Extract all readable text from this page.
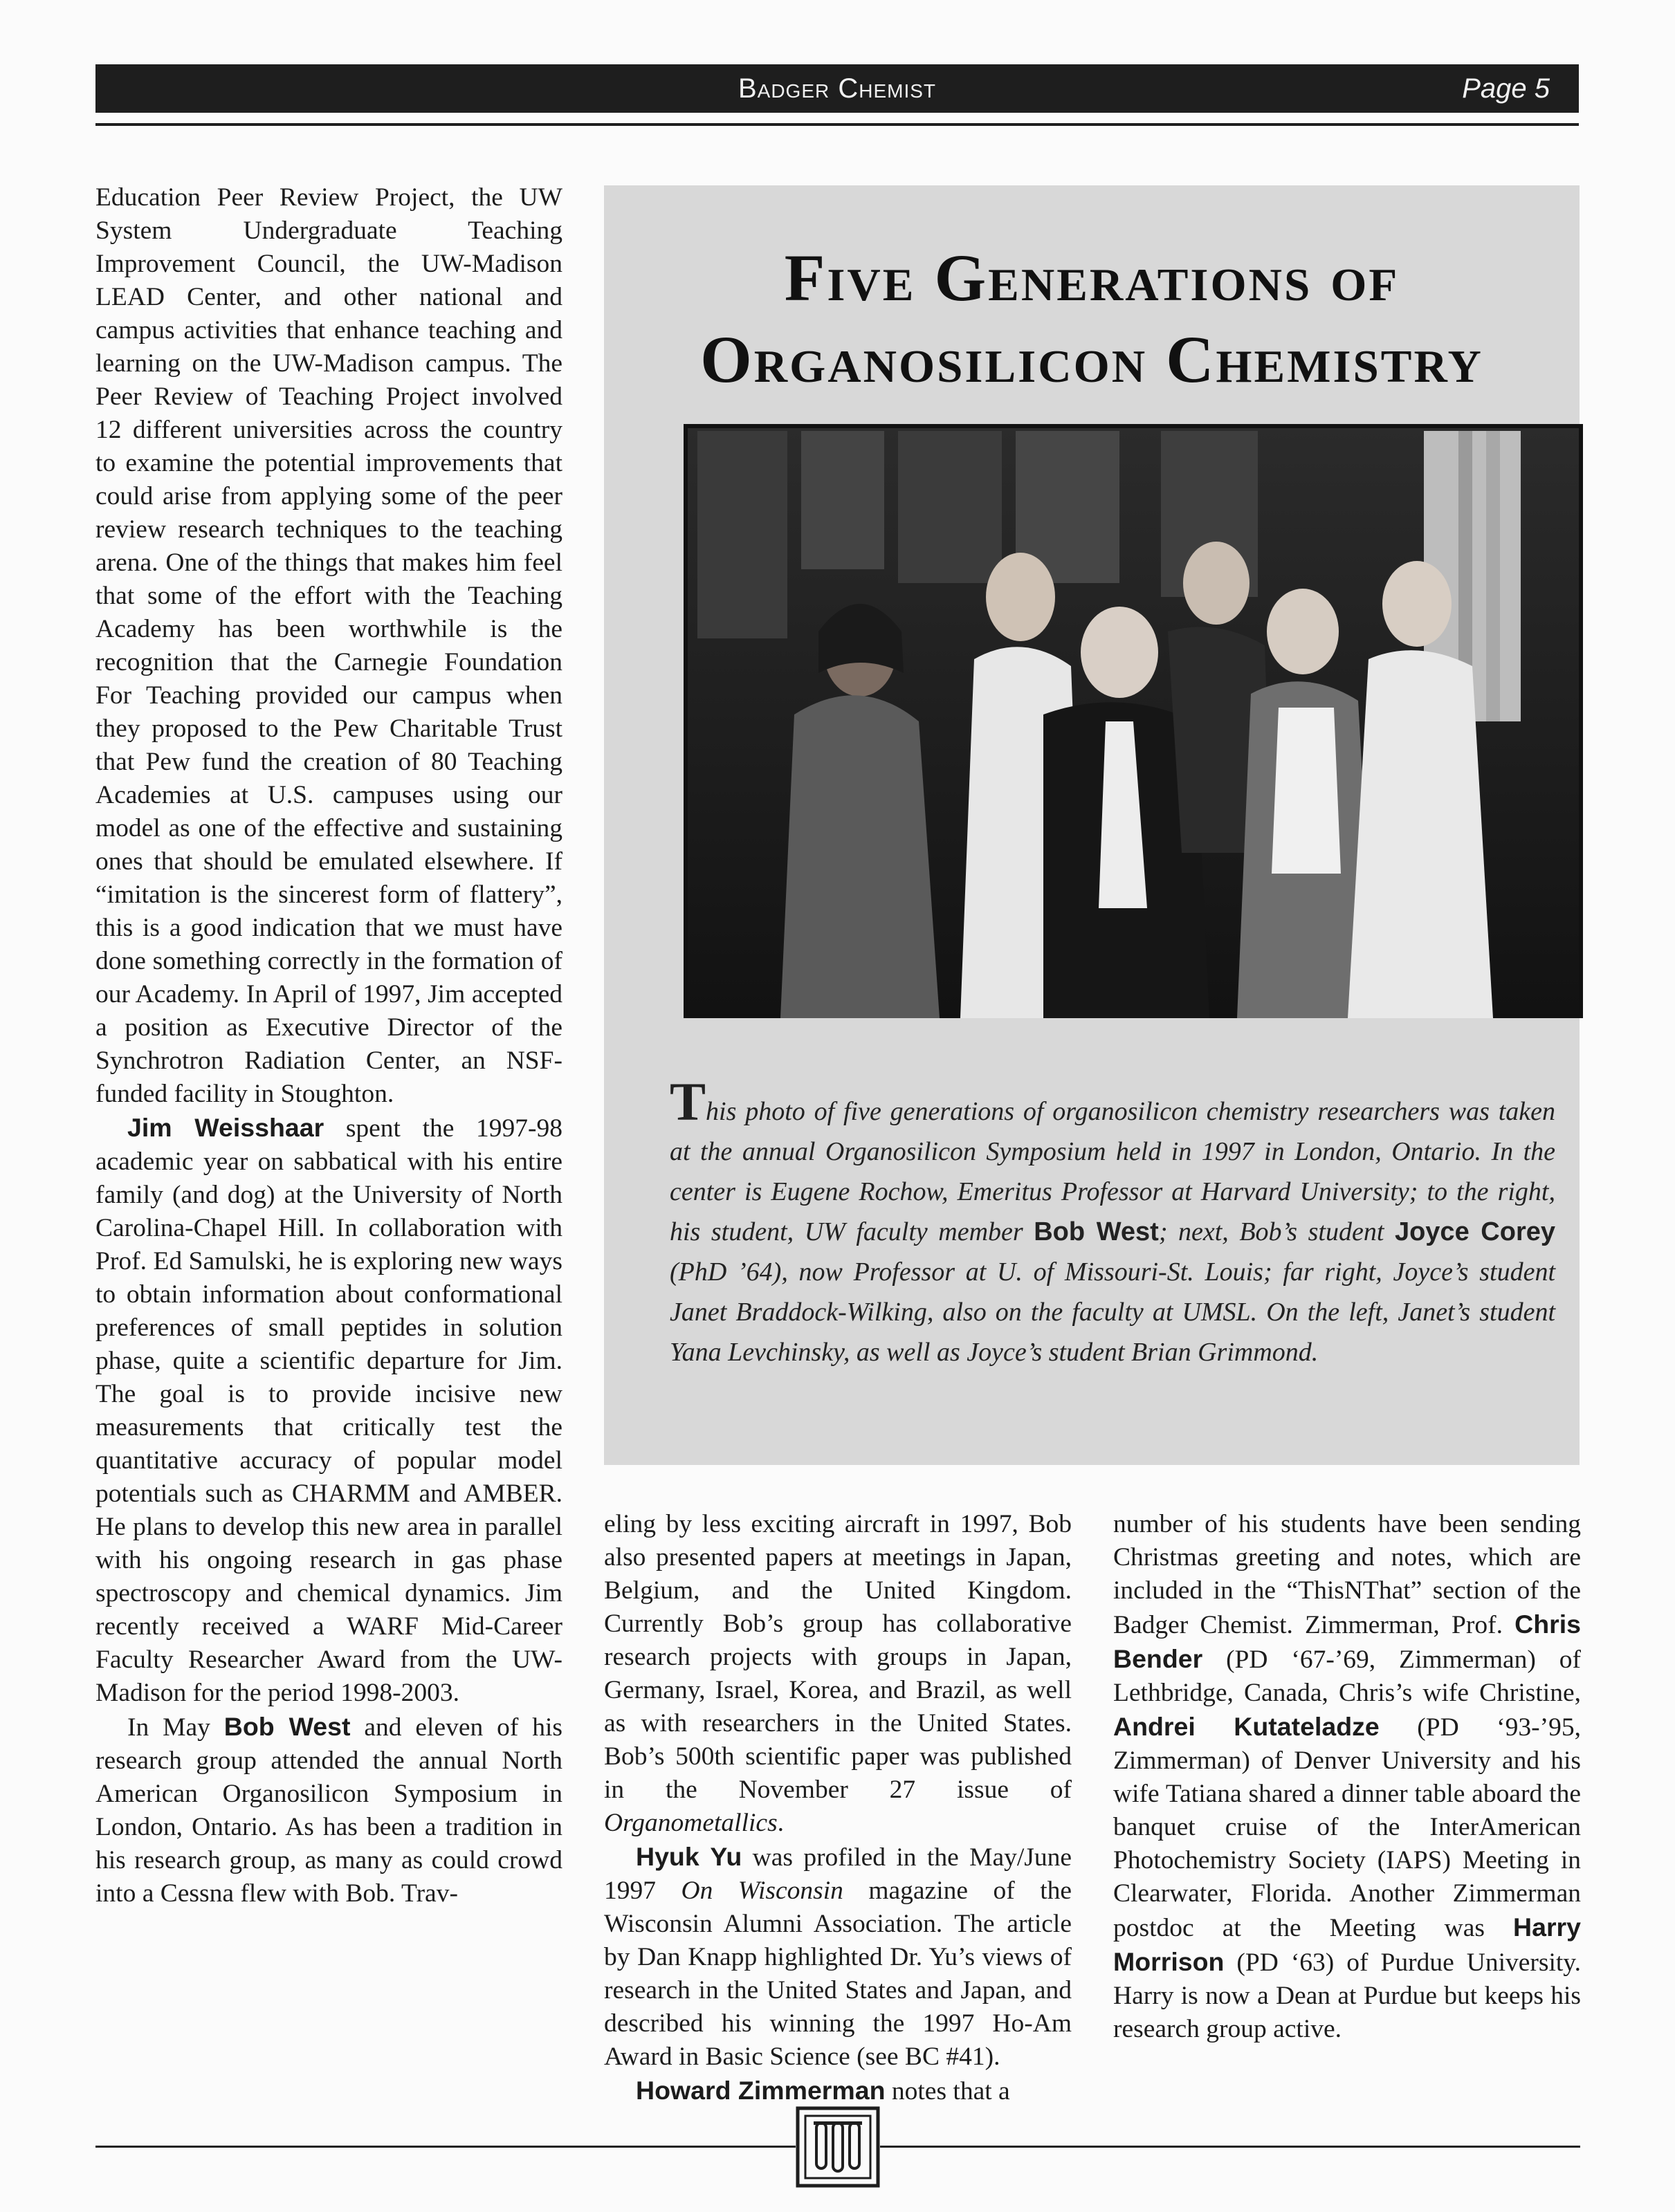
Badger Chemist	Page 5

Education Peer Review Project, the UW System Undergraduate Teaching Improvement Council, the UW-Madison LEAD Center, and other national and campus activities that enhance teaching and learning on the UW-Madison campus. The Peer Review of Teaching Project involved 12 different universities across the country to examine the potential improvements that could arise from applying some of the peer review research techniques to the teaching arena. One of the things that makes him feel that some of the effort with the Teaching Academy has been worthwhile is the recognition that the Carnegie Foundation For Teaching provided our campus when they proposed to the Pew Charitable Trust that Pew fund the creation of 80 Teaching Academies at U.S. campuses using our model as one of the effective and sustaining ones that should be emulated elsewhere. If “imitation is the sincerest form of flattery”, this is a good indication that we must have done something correctly in the formation of our Academy. In April of 1997, Jim accepted a position as Executive Director of the Synchrotron Radiation Center, an NSF-funded facility in Stoughton.

Jim Weisshaar spent the 1997-98 academic year on sabbatical with his entire family (and dog) at the University of North Carolina-Chapel Hill. In collaboration with Prof. Ed Samulski, he is exploring new ways to obtain information about conformational preferences of small peptides in solution phase, quite a scientific departure for Jim. The goal is to provide incisive new measurements that critically test the quantitative accuracy of popular model potentials such as CHARMM and AMBER. He plans to develop this new area in parallel with his ongoing research in gas phase spectroscopy and chemical dynamics. Jim recently received a WARF Mid-Career Faculty Researcher Award from the UW-Madison for the period 1998-2003.

In May Bob West and eleven of his research group attended the annual North American Organosilicon Symposium in London, Ontario. As has been a tradition in his research group, as many as could crowd into a Cessna flew with Bob. Trav-

Five Generations of
Organosilicon Chemistry
This photo of five generations of organosilicon chemistry researchers was taken at the annual Organosilicon Symposium held in 1997 in London, Ontario. In the center is Eugene Rochow, Emeritus Professor at Harvard University; to the right, his student, UW faculty member Bob West; next, Bob’s student Joyce Corey (PhD ’64), now Professor at U. of Missouri-St. Louis; far right, Joyce’s student Janet Braddock-Wilking, also on the faculty at UMSL. On the left, Janet’s student Yana Levchinsky, as well as Joyce’s student Brian Grimmond.

eling by less exciting aircraft in 1997, Bob also presented papers at meetings in Japan, Belgium, and the United Kingdom. Currently Bob’s group has collaborative research projects with groups in Japan, Germany, Israel, Korea, and Brazil, as well as with researchers in the United States. Bob’s 500th scientific paper was published in the November 27 issue of Organometallics.

Hyuk Yu was profiled in the May/June 1997 On Wisconsin magazine of the Wisconsin Alumni Association. The article by Dan Knapp highlighted Dr. Yu’s views of research in the United States and Japan, and described his winning the 1997 Ho-Am Award in Basic Science (see BC #41).

Howard Zimmerman notes that a

number of his students have been sending Christmas greeting and notes, which are included in the “ThisNThat” section of the Badger Chemist. Zimmerman, Prof. Chris Bender (PD ‘67-’69, Zimmerman) of Lethbridge, Canada, Chris’s wife Christine, Andrei Kutateladze (PD ‘93-’95, Zimmerman) of Denver University and his wife Tatiana shared a dinner table aboard the banquet cruise of the InterAmerican Photochemistry Society (IAPS) Meeting in Clearwater, Florida. Another Zimmerman postdoc at the Meeting was Harry Morrison (PD ‘63) of Purdue University. Harry is now a Dean at Purdue but keeps his research group active.
